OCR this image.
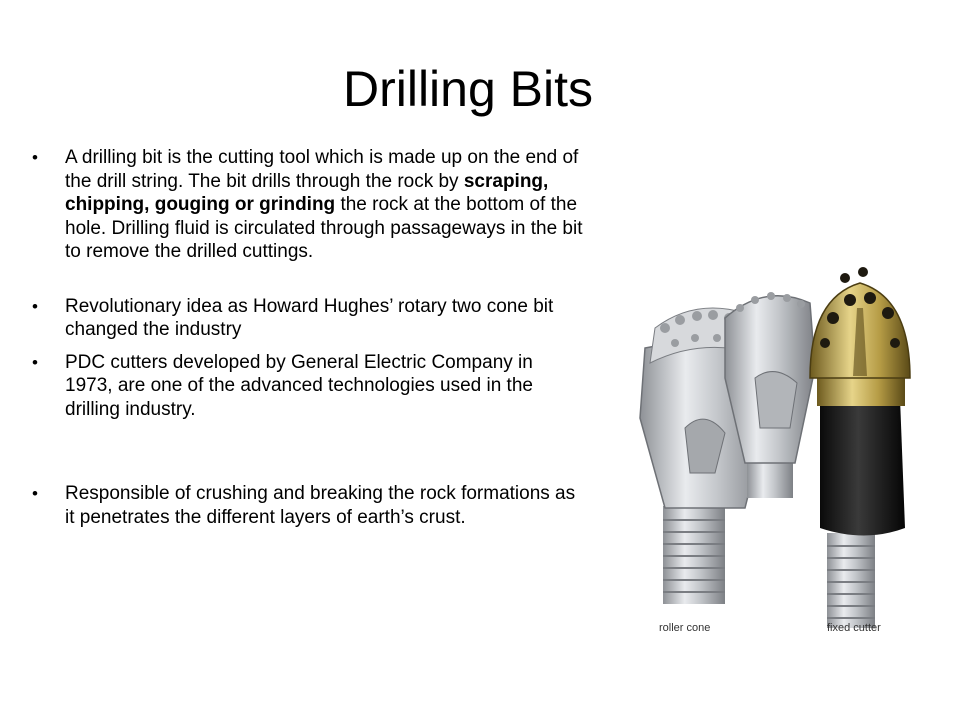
Drilling Bits
• A drilling bit is the cutting tool which is made up on the end of the drill string. The bit drills through the rock by scraping, chipping, gouging or grinding the rock at the bottom of the hole. Drilling fluid is circulated through passageways in the bit to remove the drilled cuttings.
• Revolutionary idea as Howard Hughes’ rotary two cone bit changed the industry
• PDC cutters developed by General Electric Company in 1973, are one of the advanced technologies used in the drilling industry.
• Responsible of crushing and breaking the rock formations as it penetrates the different layers of earth’s crust.
roller cone	fixed cutter
